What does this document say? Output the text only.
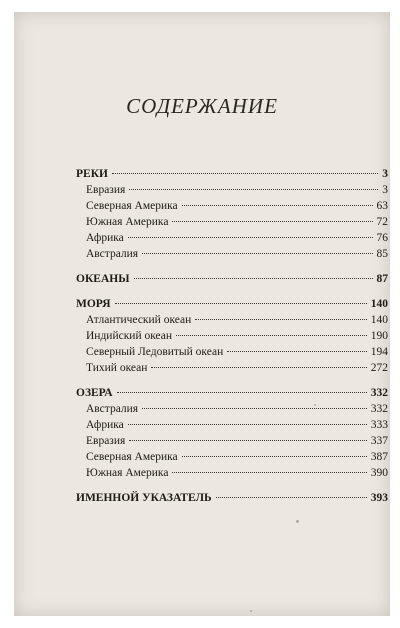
СОДЕРЖАНИЕ
РЕКИ	3
Евразия	3
Северная Америка	63
Южная Америка	72
Африка	76
Австралия	85
ОКЕАНЫ	87
МОРЯ	140
Атлантический океан	140
Индийский океан	190
Северный Ледовитый океан	194
Тихий океан	272
ОЗЕРА	332
Австралия	332
Африка	333
Евразия	337
Северная Америка	387
Южная Америка	390
ИМЕННОЙ УКАЗАТЕЛЬ	393
